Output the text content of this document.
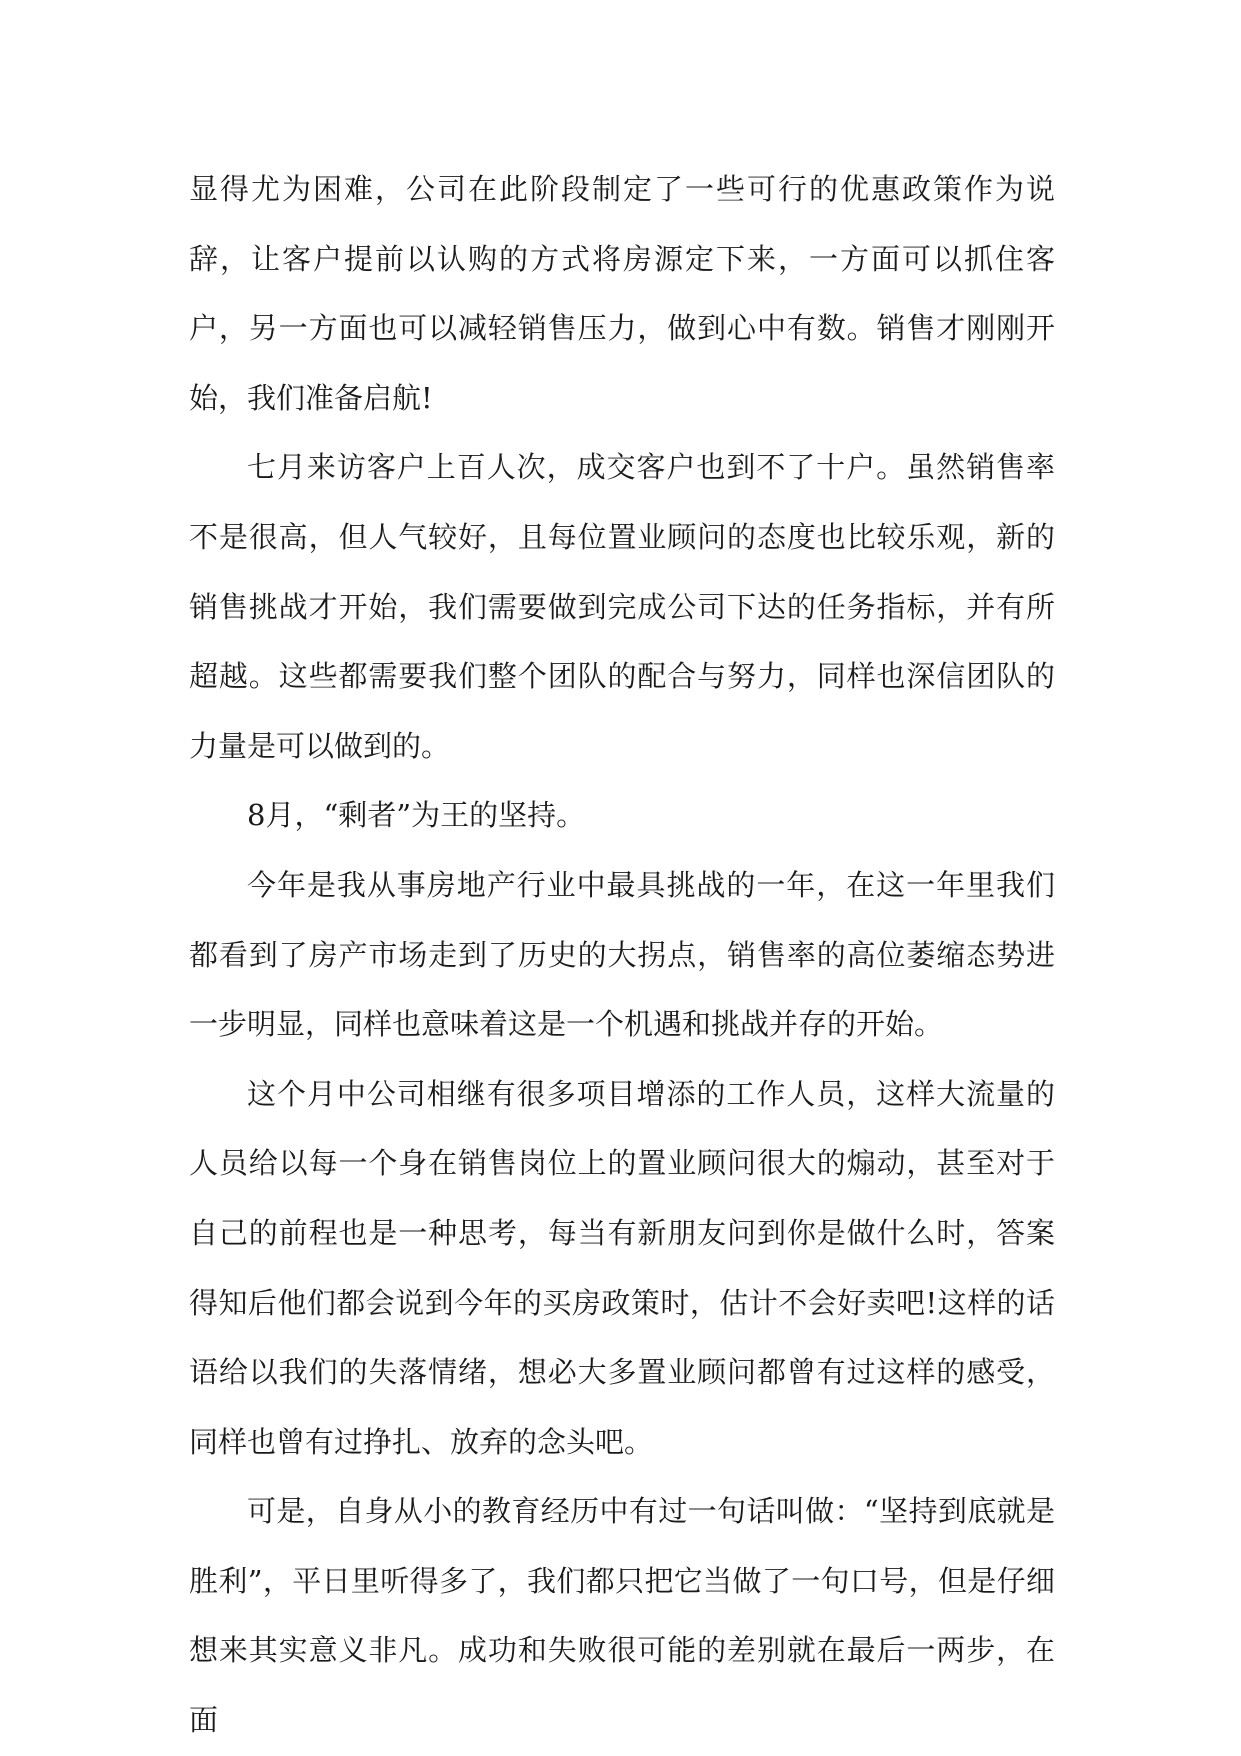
显得尤为困难，公司在此阶段制定了一些可行的优惠政策作为说辞，让客户提前以认购的方式将房源定下来，一方面可以抓住客户，另一方面也可以减轻销售压力，做到心中有数。销售才刚刚开始，我们准备启航!

七月来访客户上百人次，成交客户也到不了十户。虽然销售率不是很高，但人气较好，且每位置业顾问的态度也比较乐观，新的销售挑战才开始，我们需要做到完成公司下达的任务指标，并有所超越。这些都需要我们整个团队的配合与努力，同样也深信团队的力量是可以做到的。

8月，“剩者”为王的坚持。

今年是我从事房地产行业中最具挑战的一年，在这一年里我们都看到了房产市场走到了历史的大拐点，销售率的高位萎缩态势进一步明显，同样也意味着这是一个机遇和挑战并存的开始。

这个月中公司相继有很多项目增添的工作人员，这样大流量的人员给以每一个身在销售岗位上的置业顾问很大的煽动，甚至对于自己的前程也是一种思考，每当有新朋友问到你是做什么时，答案得知后他们都会说到今年的买房政策时，估计不会好卖吧!这样的话语给以我们的失落情绪，想必大多置业顾问都曾有过这样的感受，同样也曾有过挣扎、放弃的念头吧。

可是，自身从小的教育经历中有过一句话叫做：“坚持到底就是胜利”，平日里听得多了，我们都只把它当做了一句口号，但是仔细想来其实意义非凡。成功和失败很可能的差别就在最后一两步，在面
